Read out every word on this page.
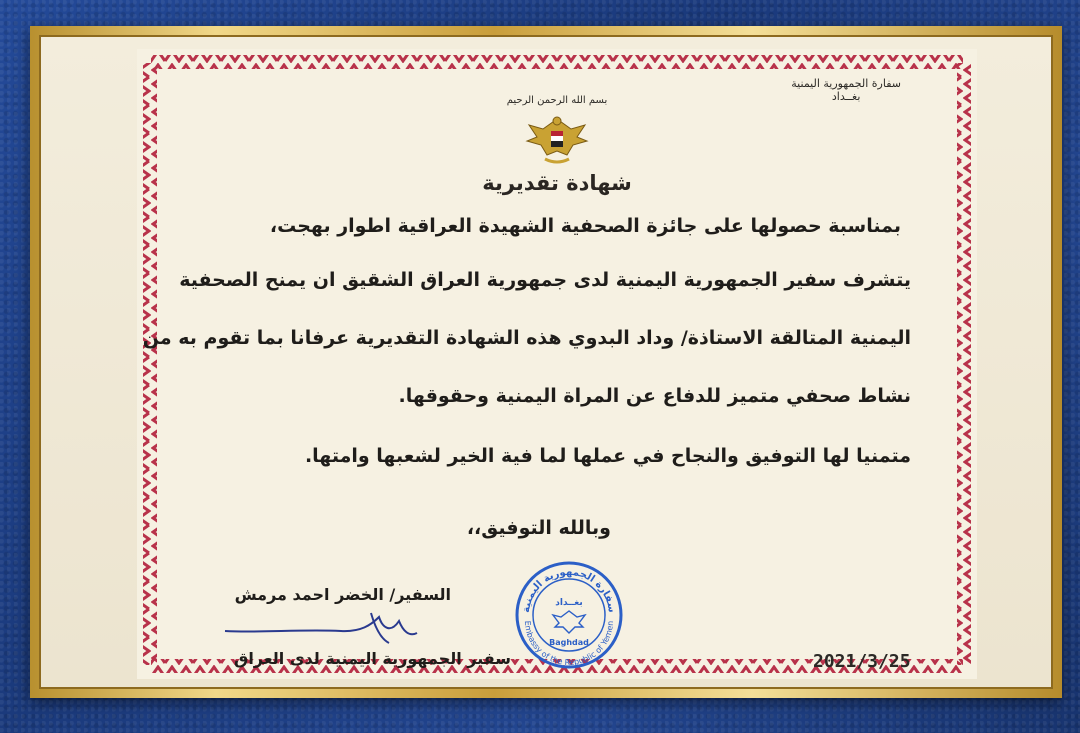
سفارة الجمهورية اليمنية
بغــداد
بسم الله الرحمن الرحيم
شهادة تقديرية
بمناسبة حصولها على جائزة الصحفية الشهيدة العراقية اطوار بهجت،
يتشرف سفير الجمهورية اليمنية لدى جمهورية العراق الشقيق ان يمنح الصحفية
اليمنية المتالقة الاستاذة/ وداد البدوي هذه الشهادة التقديرية عرفانا بما تقوم به من
نشاط صحفي متميز للدفاع عن المراة اليمنية وحقوقها.
متمنيا لها التوفيق والنجاح في عملها لما فية الخير لشعبها وامتها.
وبالله التوفيق،،
السفير/ الخضر احمد مرمش
سفير الجمهورية اليمنية لدى العراق
سفارة الجمهورية اليمنية
Embassy of the Republic of Yemen
بغــداد
Baghdad
2021/3/25
